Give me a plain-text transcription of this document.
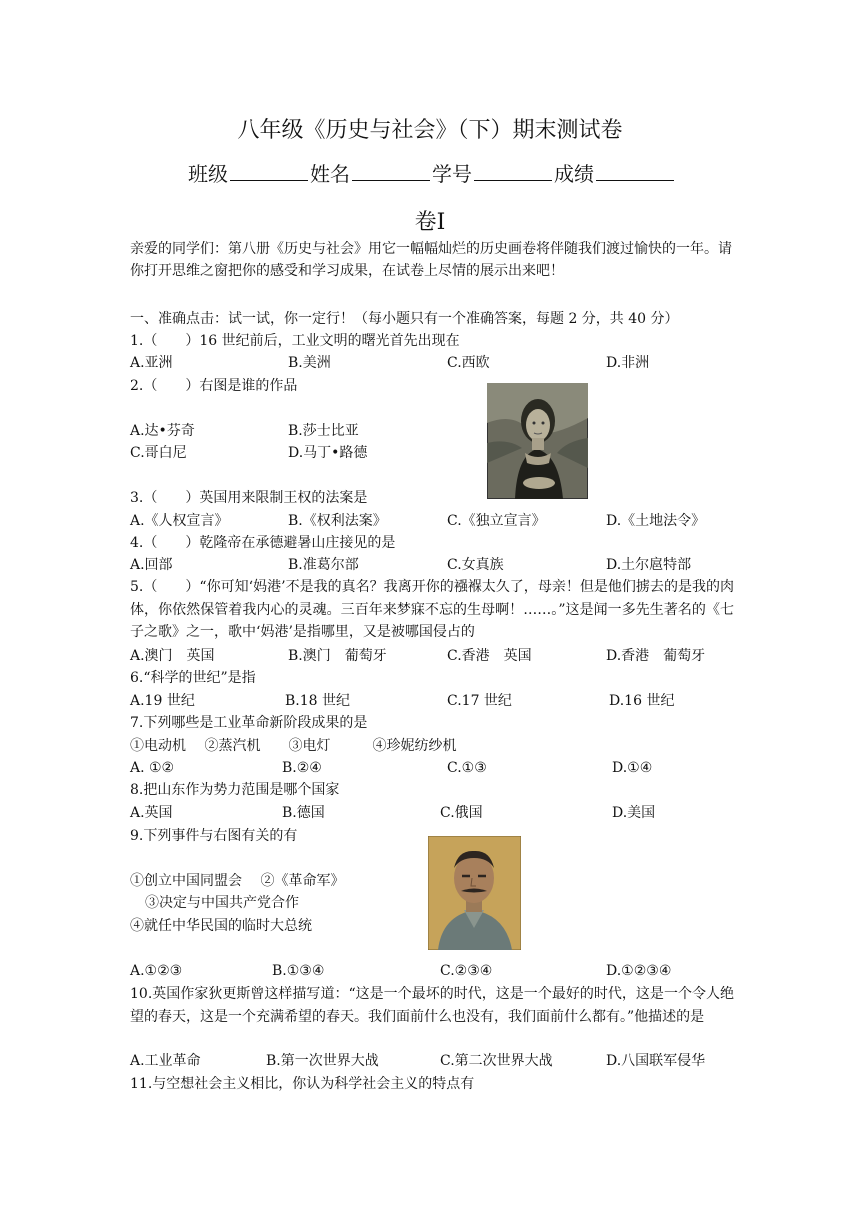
八年级《历史与社会》（下）期末测试卷
班级	姓名	学号	成绩
卷Ⅰ
亲爱的同学们：第八册《历史与社会》用它一幅幅灿烂的历史画卷将伴随我们渡过愉快的一年。请你打开思维之窗把你的感受和学习成果，在试卷上尽情的展示出来吧！
一、准确点击：试一试，你一定行！（每小题只有一个准确答案，每题 2 分，共 40 分）
1.（　　）16 世纪前后，工业文明的曙光首先出现在
A.亚洲	B.美洲	C.西欧	D.非洲
2.（　　）右图是谁的作品
A.达•芬奇	B.莎士比亚
C.哥白尼	D.马丁•路德
3.（　　）英国用来限制王权的法案是
A.《人权宣言》	B.《权利法案》	C.《独立宣言》	D.《土地法令》
4.（　　）乾隆帝在承德避暑山庄接见的是
A.回部	B.准葛尔部	C.女真族	D.土尔扈特部
5.（　　）“你可知‘妈港’不是我的真名？我离开你的襁褓太久了，母亲！但是他们掳去的是我的肉体，你依然保管着我内心的灵魂。三百年来梦寐不忘的生母啊！……。”这是闻一多先生著名的《七子之歌》之一，歌中‘妈港’是指哪里，又是被哪国侵占的
A.澳门　英国	B.澳门　葡萄牙	C.香港　英国	D.香港　葡萄牙
6.“科学的世纪”是指
A.19 世纪	B.18 世纪	C.17 世纪	D.16 世纪
7.下列哪些是工业革命新阶段成果的是
①电动机　 ②蒸汽机　　③电灯　　　④珍妮纺纱机
A. ①②	B.②④	C.①③	D.①④
8.把山东作为势力范围是哪个国家
A.英国	B.德国	C.俄国	D.美国
9.下列事件与右图有关的有
①创立中国同盟会　 ②《革命军》
③决定与中国共产党合作
④就任中华民国的临时大总统
A.①②③	B.①③④	C.②③④	D.①②③④
10.英国作家狄更斯曾这样描写道：“这是一个最坏的时代，这是一个最好的时代，这是一个令人绝望的春天，这是一个充满希望的春天。我们面前什么也没有，我们面前什么都有。”他描述的是
A.工业革命	B.第一次世界大战	C.第二次世界大战	D.八国联军侵华
11.与空想社会主义相比，你认为科学社会主义的特点有
